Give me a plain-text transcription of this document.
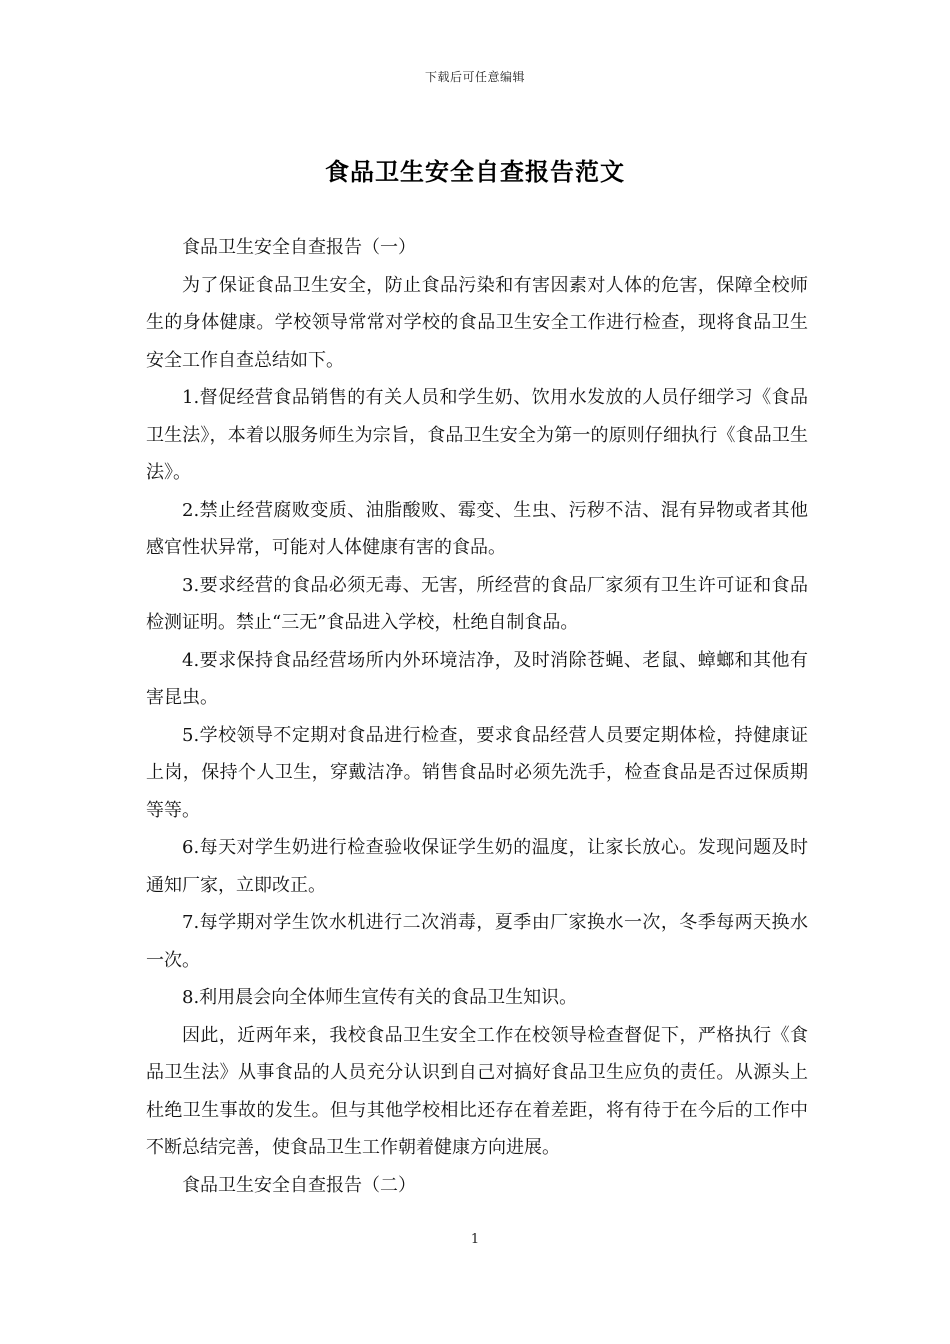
下载后可任意编辑
食品卫生安全自查报告范文

食品卫生安全自查报告（一）

为了保证食品卫生安全，防止食品污染和有害因素对人体的危害，保障全校师生的身体健康。学校领导常常对学校的食品卫生安全工作进行检查，现将食品卫生安全工作自查总结如下。

1.督促经营食品销售的有关人员和学生奶、饮用水发放的人员仔细学习《食品卫生法》，本着以服务师生为宗旨，食品卫生安全为第一的原则仔细执行《食品卫生法》。

2.禁止经营腐败变质、油脂酸败、霉变、生虫、污秽不洁、混有异物或者其他感官性状异常，可能对人体健康有害的食品。

3.要求经营的食品必须无毒、无害，所经营的食品厂家须有卫生许可证和食品检测证明。禁止“三无”食品进入学校，杜绝自制食品。

4.要求保持食品经营场所内外环境洁净，及时消除苍蝇、老鼠、蟑螂和其他有害昆虫。

5.学校领导不定期对食品进行检查，要求食品经营人员要定期体检，持健康证上岗，保持个人卫生，穿戴洁净。销售食品时必须先洗手，检查食品是否过保质期等等。

6.每天对学生奶进行检查验收保证学生奶的温度，让家长放心。发现问题及时通知厂家，立即改正。

7.每学期对学生饮水机进行二次消毒，夏季由厂家换水一次，冬季每两天换水一次。

8.利用晨会向全体师生宣传有关的食品卫生知识。

因此，近两年来，我校食品卫生安全工作在校领导检查督促下，严格执行《食品卫生法》从事食品的人员充分认识到自己对搞好食品卫生应负的责任。从源头上杜绝卫生事故的发生。但与其他学校相比还存在着差距，将有待于在今后的工作中不断总结完善，使食品卫生工作朝着健康方向进展。

食品卫生安全自查报告（二）

1
